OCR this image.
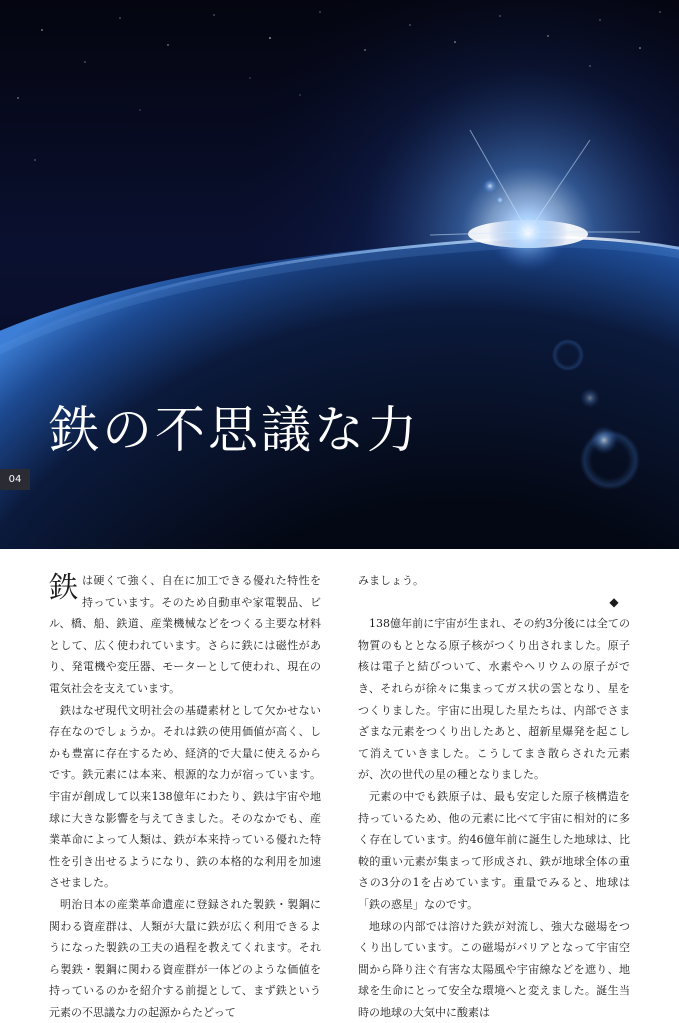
鉄の不思議な力
04

鉄は硬くて強く、自在に加工できる優れた特性を持っています。そのため自動車や家電製品、ビル、橋、船、鉄道、産業機械などをつくる主要な材料として、広く使われています。さらに鉄には磁性があり、発電機や変圧器、モーターとして使われ、現在の電気社会を支えています。

鉄はなぜ現代文明社会の基礎素材として欠かせない存在なのでしょうか。それは鉄の使用価値が高く、しかも豊富に存在するため、経済的で大量に使えるからです。鉄元素には本来、根源的な力が宿っています。宇宙が創成して以来138億年にわたり、鉄は宇宙や地球に大きな影響を与えてきました。そのなかでも、産業革命によって人類は、鉄が本来持っている優れた特性を引き出せるようになり、鉄の本格的な利用を加速させました。

明治日本の産業革命遺産に登録された製鉄・製鋼に関わる資産群は、人類が大量に鉄が広く利用できるようになった製鉄の工夫の過程を教えてくれます。それら製鉄・製鋼に関わる資産群が一体どのような価値を持っているのかを紹介する前提として、まず鉄という元素の不思議な力の起源からたどって

みましょう。

◆

138億年前に宇宙が生まれ、その約3分後には全ての物質のもととなる原子核がつくり出されました。原子核は電子と結びついて、水素やヘリウムの原子ができ、それらが徐々に集まってガス状の雲となり、星をつくりました。宇宙に出現した星たちは、内部でさまざまな元素をつくり出したあと、超新星爆発を起こして消えていきました。こうしてまき散らされた元素が、次の世代の星の種となりました。

元素の中でも鉄原子は、最も安定した原子核構造を持っているため、他の元素に比べて宇宙に相対的に多く存在しています。約46億年前に誕生した地球は、比較的重い元素が集まって形成され、鉄が地球全体の重さの3分の1を占めています。重量でみると、地球は「鉄の惑星」なのです。

地球の内部では溶けた鉄が対流し、強大な磁場をつくり出しています。この磁場がバリアとなって宇宙空間から降り注ぐ有害な太陽風や宇宙線などを遮り、地球を生命にとって安全な環境へと変えました。誕生当時の地球の大気中に酸素は
